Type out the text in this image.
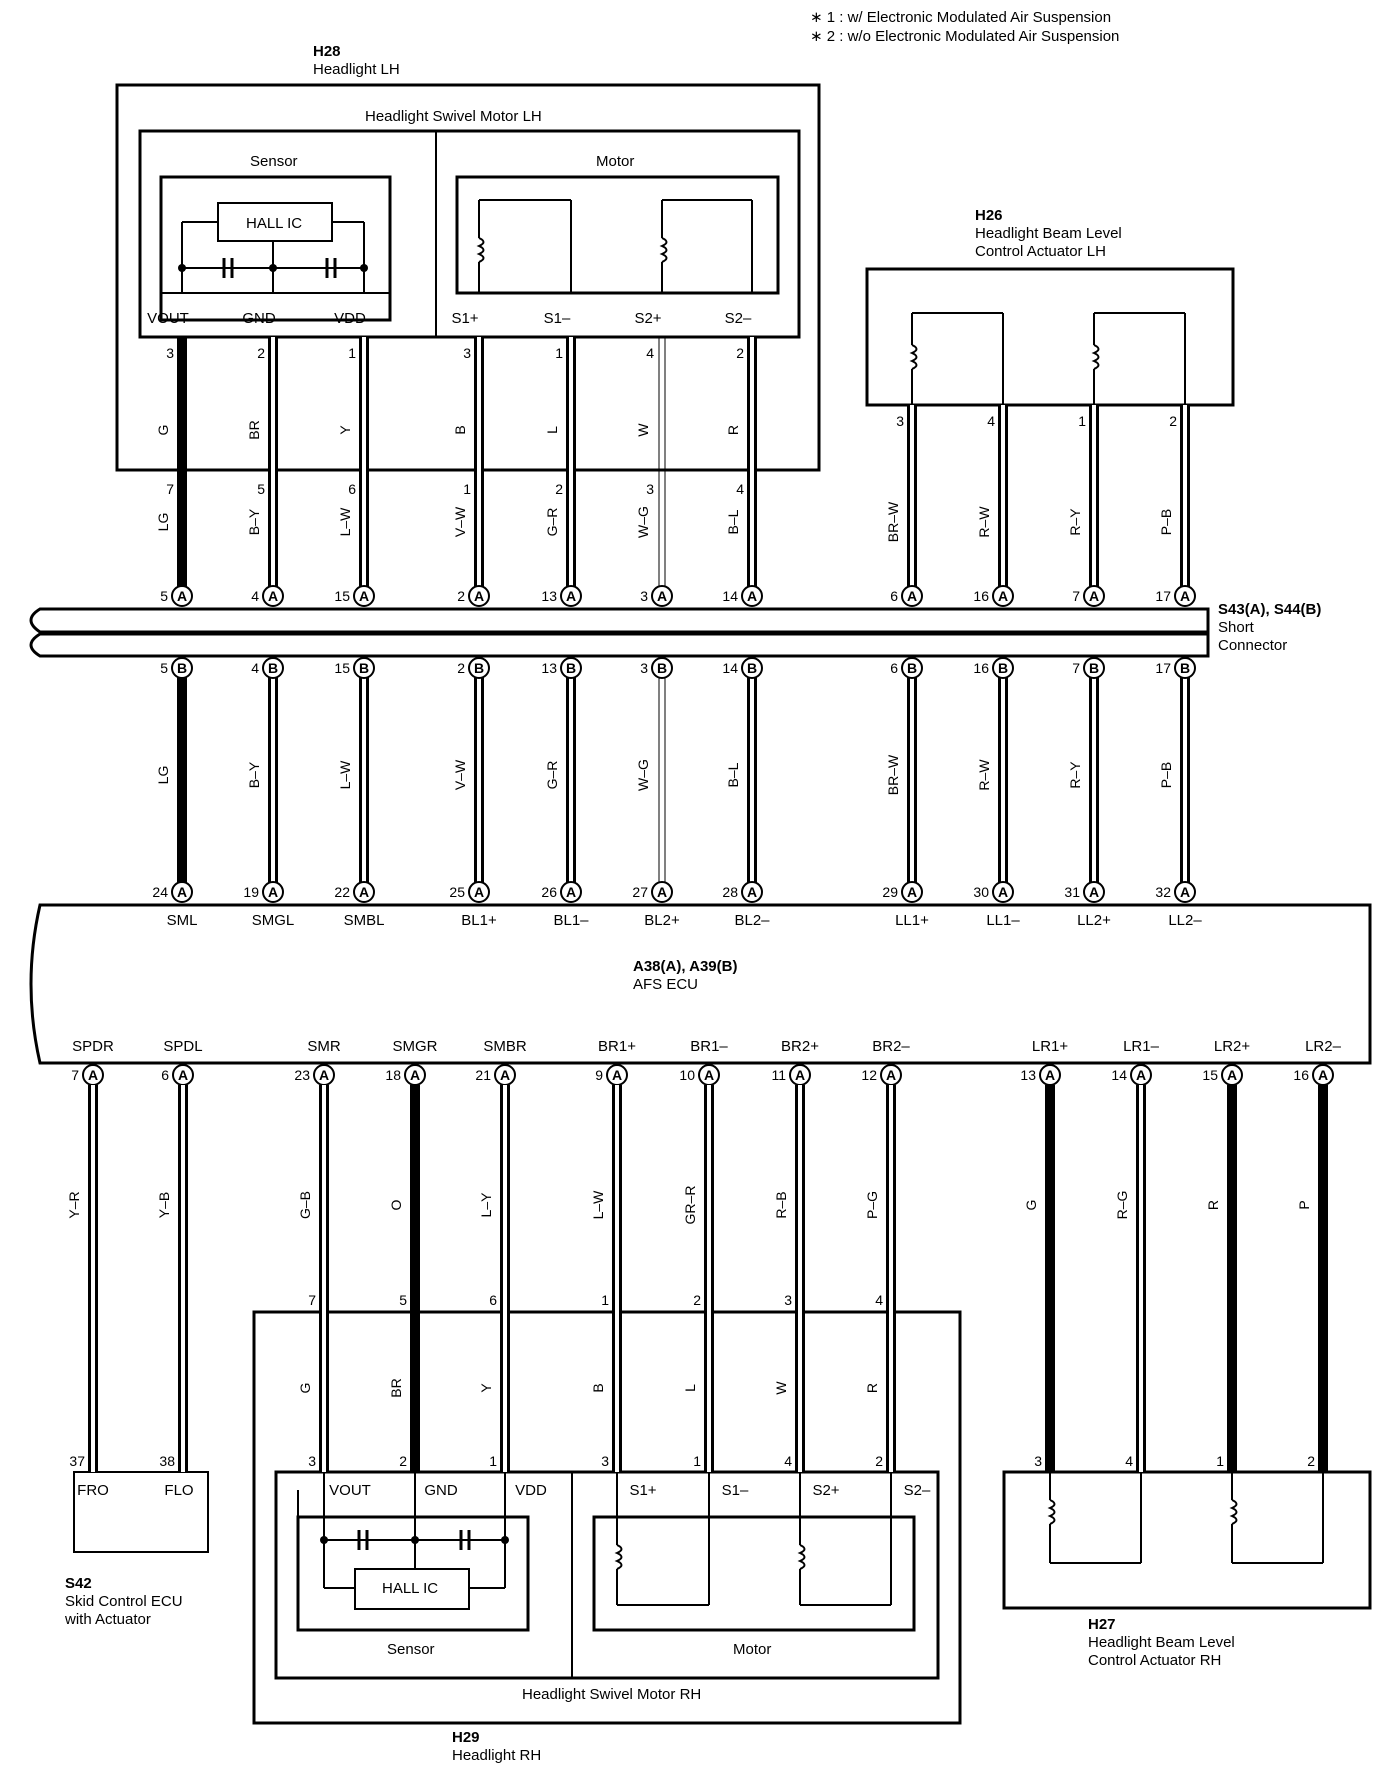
A
B
A
A
B
A
A
B
A
A
B
A
A
B
A
A
B
A
A
B
A
A
B
A
A
B
A
A
B
A
A
B
A
A	A	A	A	A	A	A	A	A	A	A	A	A
∗ 1 : w/ Electronic Modulated Air Suspension
∗ 2 : w/o Electronic Modulated Air Suspension
H28
Headlight LH
Headlight Swivel Motor LH
Sensor	Motor
HALL IC	H26
Headlight Beam Level
Control Actuator LH
S43(A), S44(B)
Short
Connector
A38(A), A39(B)
AFS ECU
S42
Skid Control ECU
with Actuator
HALL IC
Sensor	Motor
Headlight Swivel Motor RH
H29
Headlight RH
H27
Headlight Beam Level
Control Actuator RH
VOUT
3
G
7
LG
5
5
LG
24
SML
GND
2
BR
5
B–Y
4
4
B–Y
19
SMGL
VDD
1
Y
6
L–W
15
15
L–W
22
SMBL
S1+
3
B
1
V–W
2
2
V–W
25
BL1+
S1–
1
L
2
G–R
13
13
G–R
26
BL1–
S2+
4
W
3
W–G
3
3
W–G
27
BL2+
S2–
2
R
4
B–L
14
14
B–L
28
BL2–
3
BR–W
6
6
BR–W
29
LL1+
4
R–W
16
16
R–W
30
LL1–
1
R–Y
7
7
R–Y
31
LL2+
2
P–B
17
17
P–B
32
LL2–
SPDR
7
Y–R
37
FRO
SPDL
6
Y–B
38
FLO
SMR
23
G–B
7
G
3
VOUT
SMGR
18
O
5
BR
2
GND
SMBR
21
L–Y
6
Y
1
VDD
BR1+
9
L–W
1
B
3
S1+
BR1–
10
GR–R
2
L
1
S1–
BR2+
11
R–B
3
W
4
S2+
BR2–
12
P–G
4
R
2
S2–
LR1+
13
G
3
LR1–
14
R–G
4
LR2+
15
R
1
LR2–
16
P
2
